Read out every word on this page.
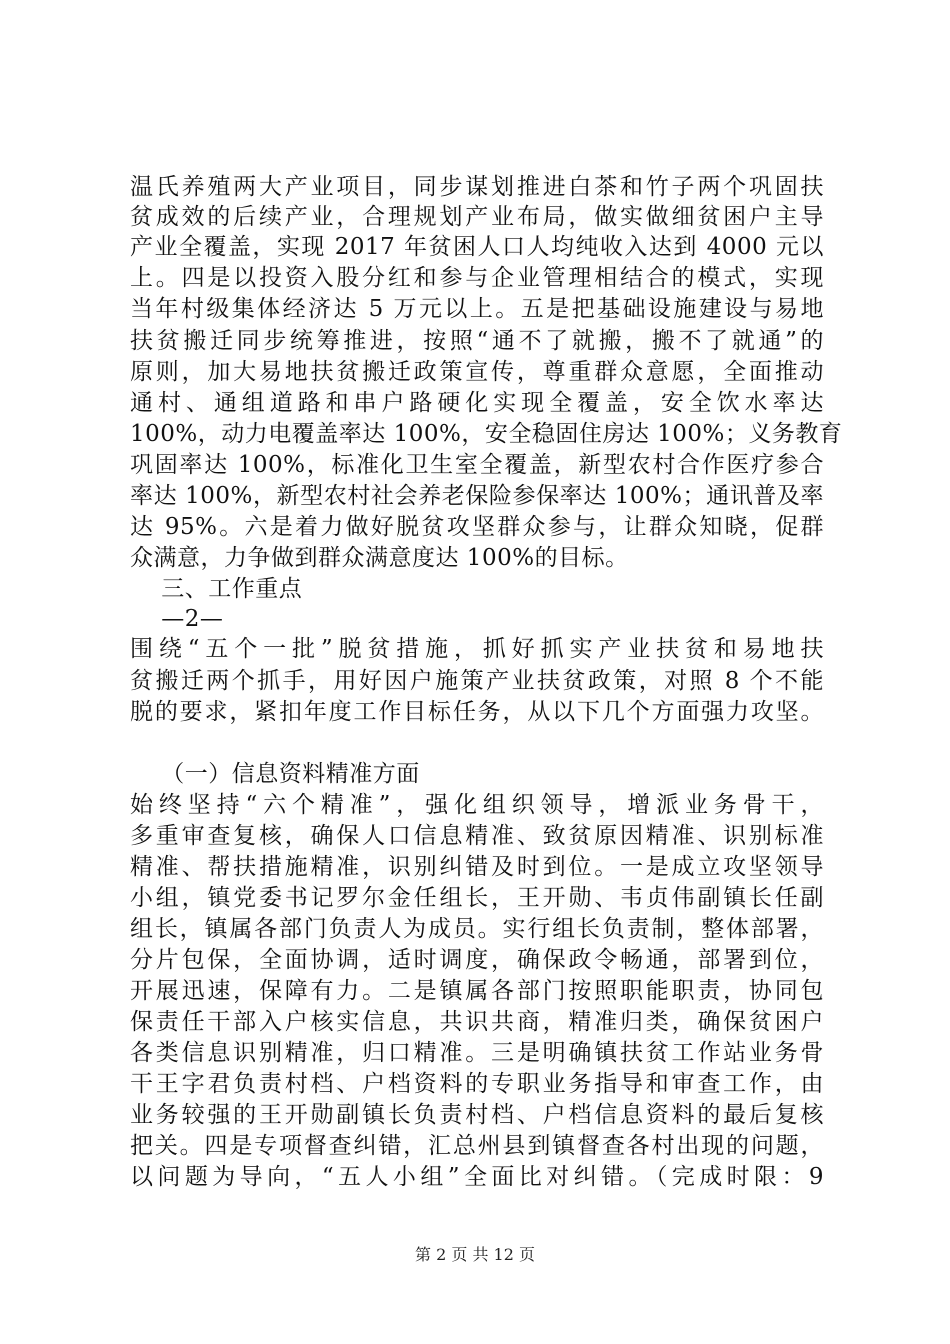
温氏养殖两大产业项目，同步谋划推进白茶和竹子两个巩固扶
贫成效的后续产业，合理规划产业布局，做实做细贫困户主导
产业全覆盖，实现 2017 年贫困人口人均纯收入达到 4000 元以
上。四是以投资入股分红和参与企业管理相结合的模式，实现
当年村级集体经济达 5 万元以上。五是把基础设施建设与易地
扶贫搬迁同步统筹推进，按照“通不了就搬，搬不了就通”的
原则，加大易地扶贫搬迁政策宣传，尊重群众意愿，全面推动
通村、通组道路和串户路硬化实现全覆盖，安全饮水率达
100%，动力电覆盖率达 100%，安全稳固住房达 100%；义务教育
巩固率达 100%，标准化卫生室全覆盖，新型农村合作医疗参合
率达 100%，新型农村社会养老保险参保率达 100%；通讯普及率
达 95%。六是着力做好脱贫攻坚群众参与，让群众知晓，促群
众满意，力争做到群众满意度达 100%的目标。
三、工作重点
—2—
围绕“五个一批”脱贫措施，抓好抓实产业扶贫和易地扶
贫搬迁两个抓手，用好因户施策产业扶贫政策，对照 8 个不能
脱的要求，紧扣年度工作目标任务，从以下几个方面强力攻坚。
（一）信息资料精准方面
始终坚持“六个精准”，强化组织领导，增派业务骨干，
多重审查复核，确保人口信息精准、致贫原因精准、识别标准
精准、帮扶措施精准，识别纠错及时到位。一是成立攻坚领导
小组，镇党委书记罗尔金任组长，王开勋、韦贞伟副镇长任副
组长，镇属各部门负责人为成员。实行组长负责制，整体部署，
分片包保，全面协调，适时调度，确保政令畅通，部署到位，
开展迅速，保障有力。二是镇属各部门按照职能职责，协同包
保责任干部入户核实信息，共识共商，精准归类，确保贫困户
各类信息识别精准，归口精准。三是明确镇扶贫工作站业务骨
干王字君负责村档、户档资料的专职业务指导和审查工作，由
业务较强的王开勋副镇长负责村档、户档信息资料的最后复核
把关。四是专项督查纠错，汇总州县到镇督查各村出现的问题，
以问题为导向，“五人小组”全面比对纠错。（完成时限：9
第 2 页 共 12 页
